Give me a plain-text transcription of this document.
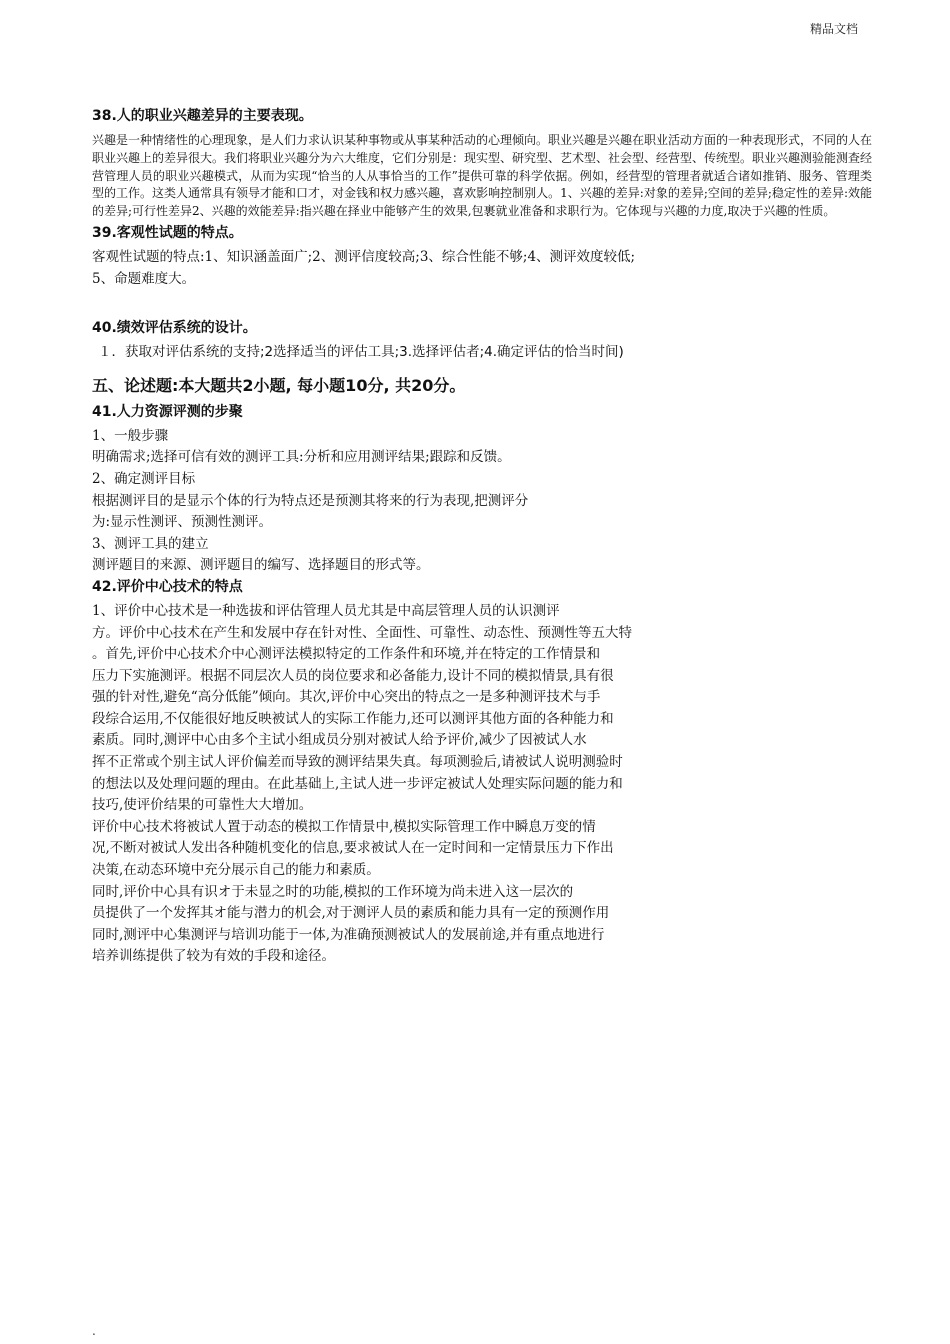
精品文档
38.人的职业兴趣差异的主要表现。

兴趣是一种情绪性的心理现象，是人们力求认识某种事物或从事某种活动的心理倾向。职业兴趣是兴趣在职业活动方面的一种表现形式，不同的人在职业兴趣上的差异很大。我们将职业兴趣分为六大维度，它们分别是：现实型、研究型、艺术型、社会型、经营型、传统型。职业兴趣测验能测查经营管理人员的职业兴趣模式，从而为实现“恰当的人从事恰当的工作”提供可靠的科学依据。例如，经营型的管理者就适合诸如推销、服务、管理类型的工作。这类人通常具有领导才能和口才，对金钱和权力感兴趣，喜欢影响控制别人。1、兴趣的差异:对象的差异;空间的差异;稳定性的差异:效能的差异;可行性差异2、兴趣的效能差异:指兴趣在择业中能够产生的效果,包裹就业准备和求职行为。它体现与兴趣的力度,取决于兴趣的性质。

39.客观性试题的特点。

客观性试题的特点:1、知识涵盖面广;2、测评信度较高;3、综合性能不够;4、测评效度较低;

5、命题难度大。

40.绩效评估系统的设计。

１．获取对评估系统的支持;2选择适当的评估工具;3.选择评估者;4.确定评估的恰当时间)

五、论述题:本大题共2小题, 每小题10分, 共20分。
41.人力资源评测的步聚

1、一般步骤

明确需求;选择可信有效的测评工具:分析和应用测评结果;跟踪和反馈。

2、确定测评目标

根据测评目的是显示个体的行为特点还是预测其将来的行为表现,把测评分

为:显示性测评、预测性测评。

3、测评工具的建立

测评题目的来源、测评题目的编写、选择题目的形式等。

42.评价中心技术的特点

1、评价中心技术是一种选拔和评估管理人员尤其是中高层管理人员的认识测评

方。评价中心技术在产生和发展中存在针对性、全面性、可靠性、动态性、预测性等五大特

。首先,评价中心技术介中心测评法模拟特定的工作条件和环境,并在特定的工作情景和

压力下实施测评。根据不同层次人员的岗位要求和必备能力,设计不同的模拟情景,具有很

强的针对性,避免“高分低能”倾向。其次,评价中心突出的特点之一是多种测评技术与手

段综合运用,不仅能很好地反映被试人的实际工作能力,还可以测评其他方面的各种能力和

素质。同时,测评中心由多个主试小组成员分别对被试人给予评价,减少了因被试人水

挥不正常或个别主试人评价偏差而导致的测评结果失真。每项测验后,请被试人说明测验时

的想法以及处理问题的理由。在此基础上,主试人进一步评定被试人处理实际问题的能力和

技巧,使评价结果的可靠性大大增加。

评价中心技术将被试人置于动态的模拟工作情景中,模拟实际管理工作中瞬息万变的情

况,不断对被试人发出各种随机变化的信息,要求被试人在一定时间和一定情景压力下作出

决策,在动态环境中充分展示自己的能力和素质。

同时,评价中心具有识オ于未显之时的功能,模拟的工作环境为尚未进入这一层次的

员提供了一个发挥其オ能与潜力的机会,对于测评人员的素质和能力具有一定的预测作用

同时,测评中心集测评与培训功能于一体,为准确预测被试人的发展前途,并有重点地进行

培养训练提供了较为有效的手段和途径。

.
